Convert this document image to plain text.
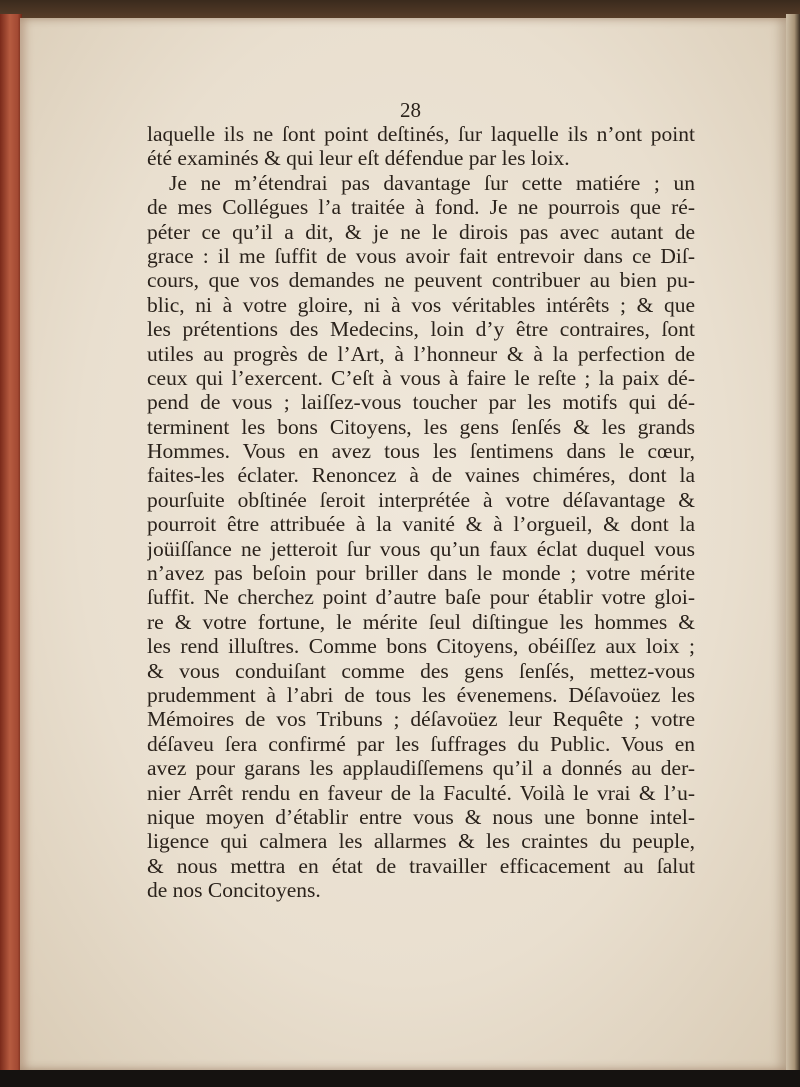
28
laquelle ils ne ſont point deſtinés, ſur laquelle ils n’ont point
été examinés & qui leur eſt défendue par les loix.
Je ne m’étendrai pas davantage ſur cette matiére ; un
de mes Collégues l’a traitée à fond. Je ne pourrois que ré-
péter ce qu’il a dit, & je ne le dirois pas avec autant de
grace : il me ſuffit de vous avoir fait entrevoir dans ce Diſ-
cours, que vos demandes ne peuvent contribuer au bien pu-
blic, ni à votre gloire, ni à vos véritables intérêts ; & que
les prétentions des Medecins, loin d’y être contraires, ſont
utiles au progrès de l’Art, à l’honneur & à la perfection de
ceux qui l’exercent. C’eſt à vous à faire le reſte ; la paix dé-
pend de vous ; laiſſez-vous toucher par les motifs qui dé-
terminent les bons Citoyens, les gens ſenſés & les grands
Hommes. Vous en avez tous les ſentimens dans le cœur,
faites-les éclater. Renoncez à de vaines chiméres, dont la
pourſuite obſtinée ſeroit interprétée à votre déſavantage &
pourroit être attribuée à la vanité & à l’orgueil, & dont la
joüiſſance ne jetteroit ſur vous qu’un faux éclat duquel vous
n’avez pas beſoin pour briller dans le monde ; votre mérite
ſuffit. Ne cherchez point d’autre baſe pour établir votre gloi-
re & votre fortune, le mérite ſeul diſtingue les hommes &
les rend illuſtres. Comme bons Citoyens, obéiſſez aux loix ;
& vous conduiſant comme des gens ſenſés, mettez-vous
prudemment à l’abri de tous les évenemens. Déſavoüez les
Mémoires de vos Tribuns ; déſavoüez leur Requête ; votre
déſaveu ſera confirmé par les ſuffrages du Public. Vous en
avez pour garans les applaudiſſemens qu’il a donnés au der-
nier Arrêt rendu en faveur de la Faculté. Voilà le vrai & l’u-
nique moyen d’établir entre vous & nous une bonne intel-
ligence qui calmera les allarmes & les craintes du peuple,
& nous mettra en état de travailler efficacement au ſalut
de nos Concitoyens.
